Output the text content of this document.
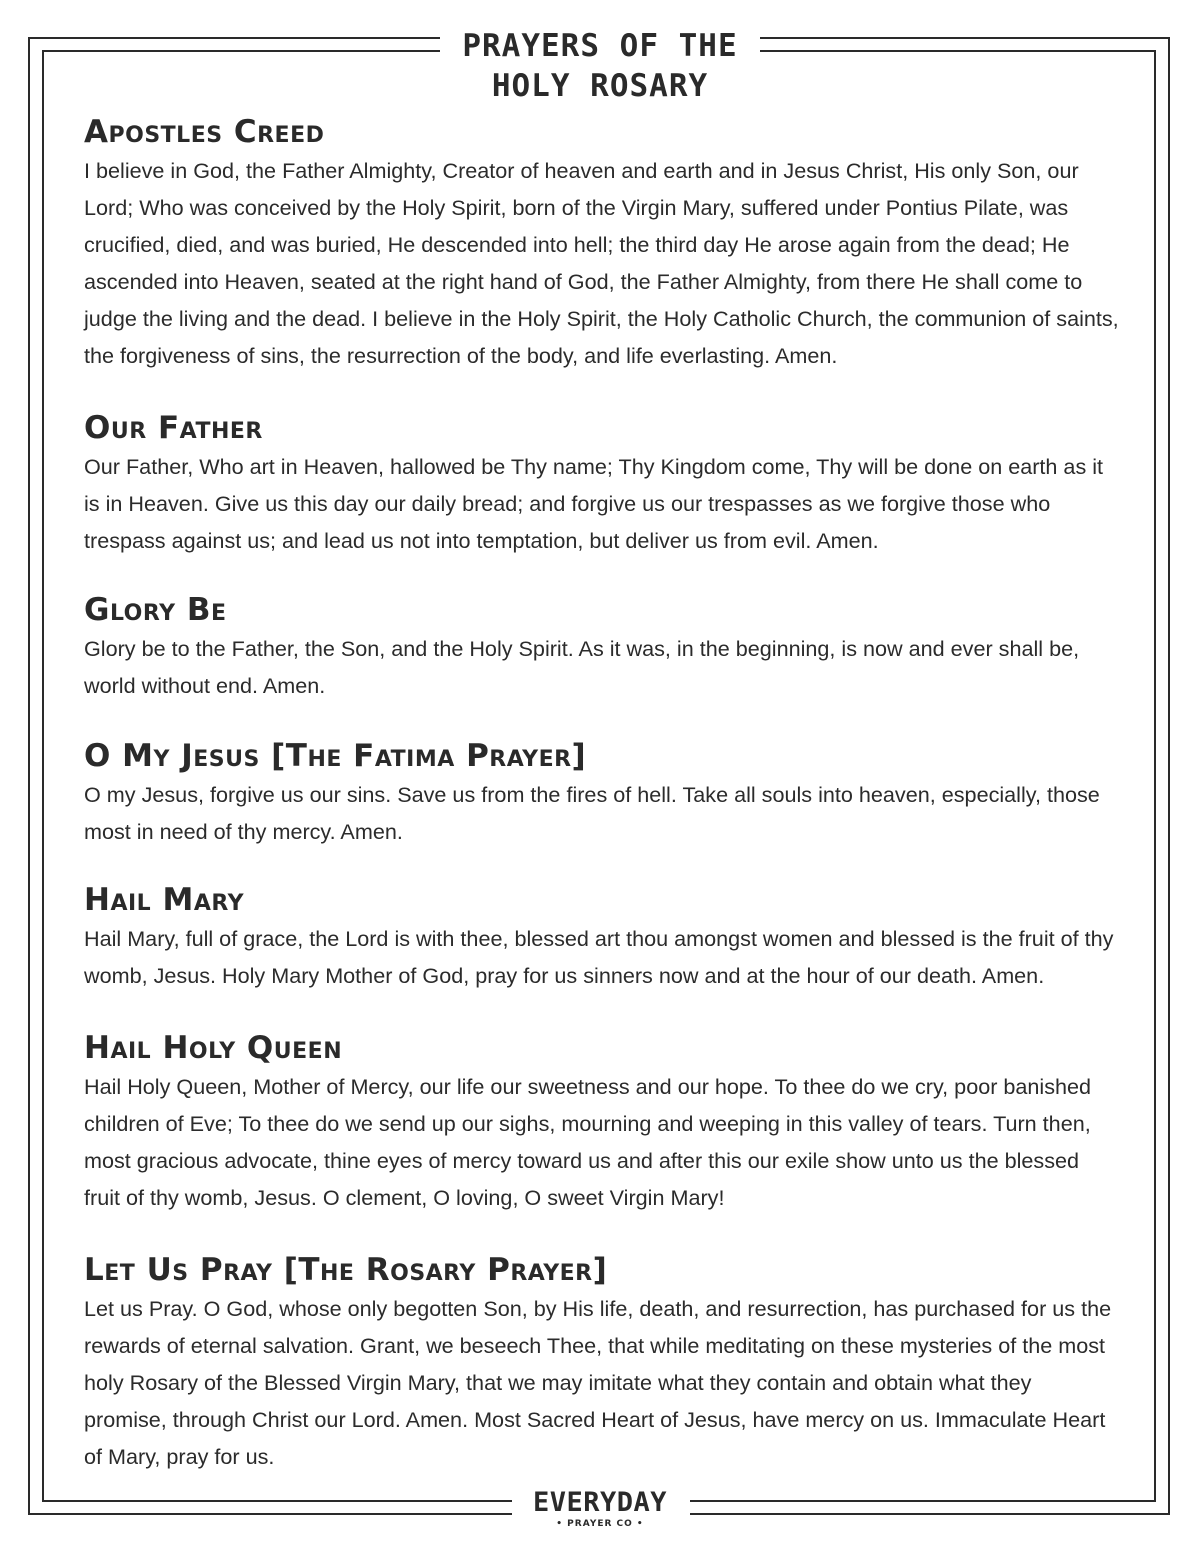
PRAYERS OF THE
HOLY ROSARY
Apostles Creed

I believe in God, the Father Almighty, Creator of heaven and earth and in Jesus Christ, His only Son, our Lord; Who was conceived by the Holy Spirit, born of the Virgin Mary, suffered under Pontius Pilate, was crucified, died, and was buried, He descended into hell; the third day He arose again from the dead; He ascended into Heaven, seated at the right hand of God, the Father Almighty, from there He shall come to judge the living and the dead. I believe in the Holy Spirit, the Holy Catholic Church, the communion of saints, the forgiveness of sins, the resurrection of the body, and life everlasting. Amen.

Our Father

Our Father, Who art in Heaven, hallowed be Thy name; Thy Kingdom come, Thy will be done on earth as it is in Heaven. Give us this day our daily bread; and forgive us our trespasses as we forgive those who trespass against us; and lead us not into temptation, but deliver us from evil. Amen.

Glory Be

Glory be to the Father, the Son, and the Holy Spirit. As it was, in the beginning, is now and ever shall be, world without end. Amen.

O My Jesus [The Fatima Prayer]

O my Jesus, forgive us our sins. Save us from the fires of hell. Take all souls into heaven, especially, those most in need of thy mercy. Amen.

Hail Mary

Hail Mary, full of grace, the Lord is with thee, blessed art thou amongst women and blessed is the fruit of thy womb, Jesus. Holy Mary Mother of God, pray for us sinners now and at the hour of our death. Amen.

Hail Holy Queen

Hail Holy Queen, Mother of Mercy, our life our sweetness and our hope. To thee do we cry, poor banished children of Eve; To thee do we send up our sighs, mourning and weeping in this valley of tears. Turn then, most gracious advocate, thine eyes of mercy toward us and after this our exile show unto us the blessed fruit of thy womb, Jesus. O clement, O loving, O sweet Virgin Mary!

Let Us Pray [The Rosary Prayer]

Let us Pray. O God, whose only begotten Son, by His life, death, and resurrection, has purchased for us the rewards of eternal salvation. Grant, we beseech Thee, that while meditating on these mysteries of the most holy Rosary of the Blessed Virgin Mary, that we may imitate what they contain and obtain what they promise, through Christ our Lord. Amen. Most Sacred Heart of Jesus, have mercy on us. Immaculate Heart of Mary, pray for us.

EVERYDAY
• PRAYER CO •
